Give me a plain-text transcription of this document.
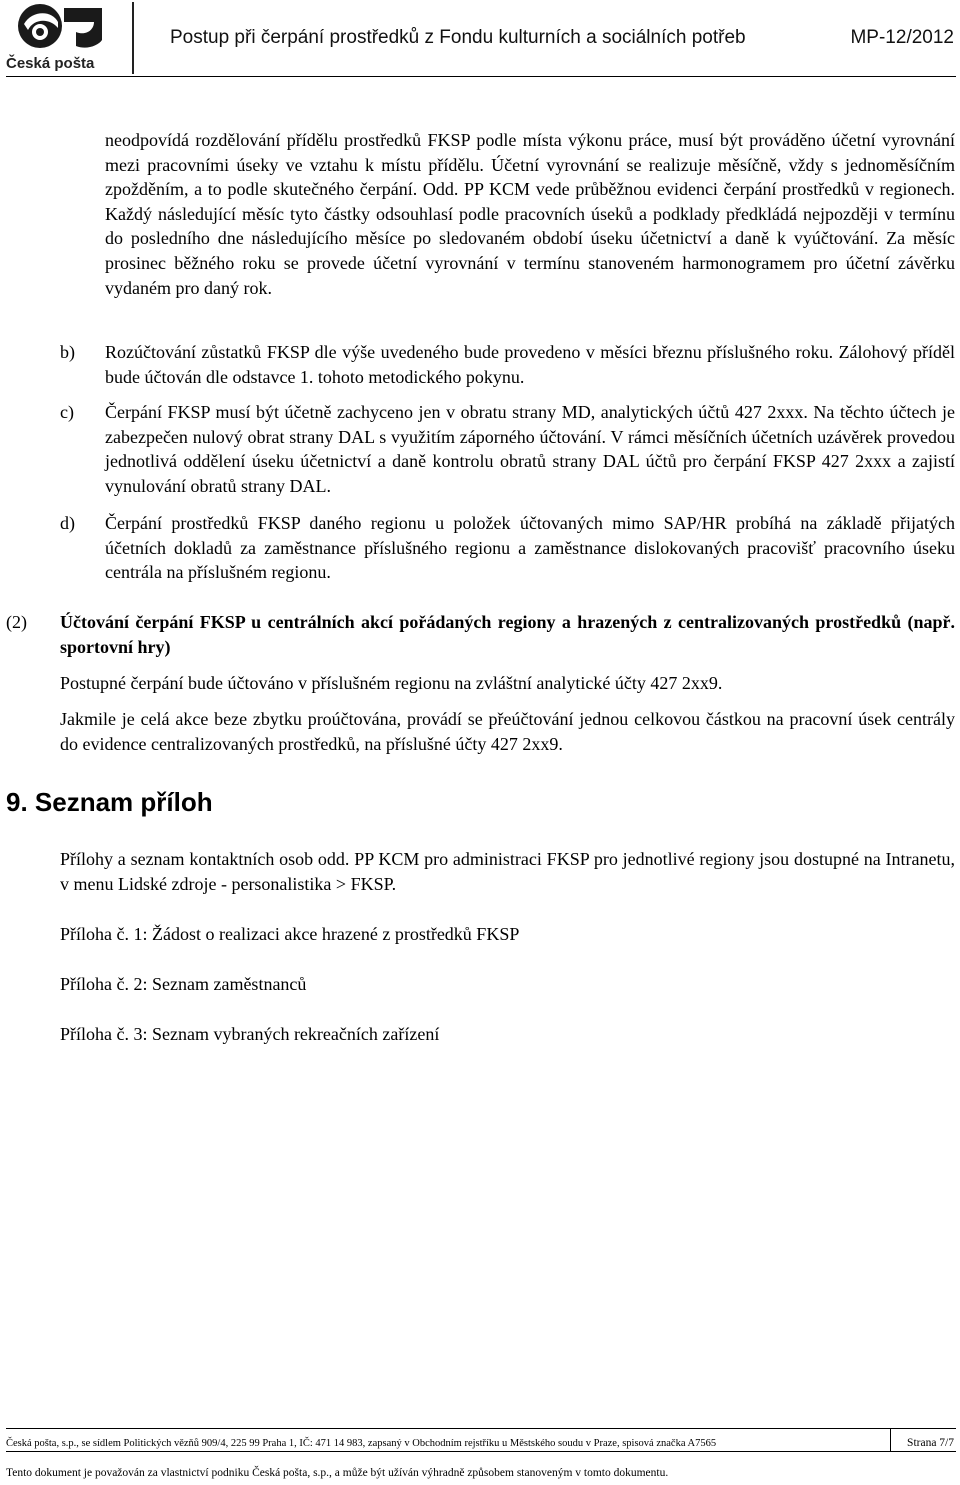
Česká pošta
Postup při čerpání prostředků z Fondu kulturních a sociálních potřeb	MP-12/2012
neodpovídá rozdělování přídělu prostředků FKSP podle místa výkonu práce, musí být prováděno účetní vyrovnání mezi pracovními úseky ve vztahu k místu přídělu. Účetní vyrovnání se realizuje měsíčně, vždy s jednoměsíčním zpožděním, a to podle skutečného čerpání. Odd. PP KCM vede průběžnou evidenci čerpání prostředků v regionech. Každý následující měsíc tyto částky odsouhlasí podle pracovních úseků a podklady předkládá nejpozději v termínu do posledního dne následujícího měsíce po sledovaném období úseku účetnictví a daně k vyúčtování. Za měsíc prosinec běžného roku se provede účetní vyrovnání v termínu stanoveném harmonogramem pro účetní závěrku vydaném pro daný rok.
b) Rozúčtování zůstatků FKSP dle výše uvedeného bude provedeno v měsíci březnu příslušného roku. Zálohový příděl bude účtován dle odstavce 1. tohoto metodického pokynu.
c) Čerpání FKSP musí být účetně zachyceno jen v obratu strany MD, analytických účtů 427 2xxx. Na těchto účtech je zabezpečen nulový obrat strany DAL s využitím záporného účtování. V rámci měsíčních účetních uzávěrek provedou jednotlivá oddělení úseku účetnictví a daně kontrolu obratů strany DAL účtů pro čerpání FKSP 427 2xxx a zajistí vynulování obratů strany DAL.
d) Čerpání prostředků FKSP daného regionu u položek účtovaných mimo SAP/HR probíhá na základě přijatých účetních dokladů za zaměstnance příslušného regionu a zaměstnance dislokovaných pracovišť pracovního úseku centrála na příslušném regionu.
(2) Účtování čerpání FKSP u centrálních akcí pořádaných regiony a hrazených z centralizovaných prostředků (např. sportovní hry)
Postupné čerpání bude účtováno v příslušném regionu na zvláštní analytické účty 427 2xx9.
Jakmile je celá akce beze zbytku proúčtována, provádí se přeúčtování jednou celkovou částkou na pracovní úsek centrály do evidence centralizovaných prostředků, na příslušné účty 427 2xx9.
9. Seznam příloh
Přílohy a seznam kontaktních osob odd. PP KCM pro administraci FKSP pro jednotlivé regiony jsou dostupné na Intranetu, v menu Lidské zdroje - personalistika > FKSP.
Příloha č. 1: Žádost o realizaci akce hrazené z prostředků FKSP
Příloha č. 2: Seznam zaměstnanců
Příloha č. 3: Seznam vybraných rekreačních zařízení
Česká pošta, s.p., se sídlem Politických vězňů 909/4, 225 99 Praha 1, IČ: 471 14 983, zapsaný v Obchodním rejstříku u Městského soudu v Praze, spisová značka A7565	Strana 7/7
Tento dokument je považován za vlastnictví podniku Česká pošta, s.p., a může být užíván výhradně způsobem stanoveným v tomto dokumentu.
